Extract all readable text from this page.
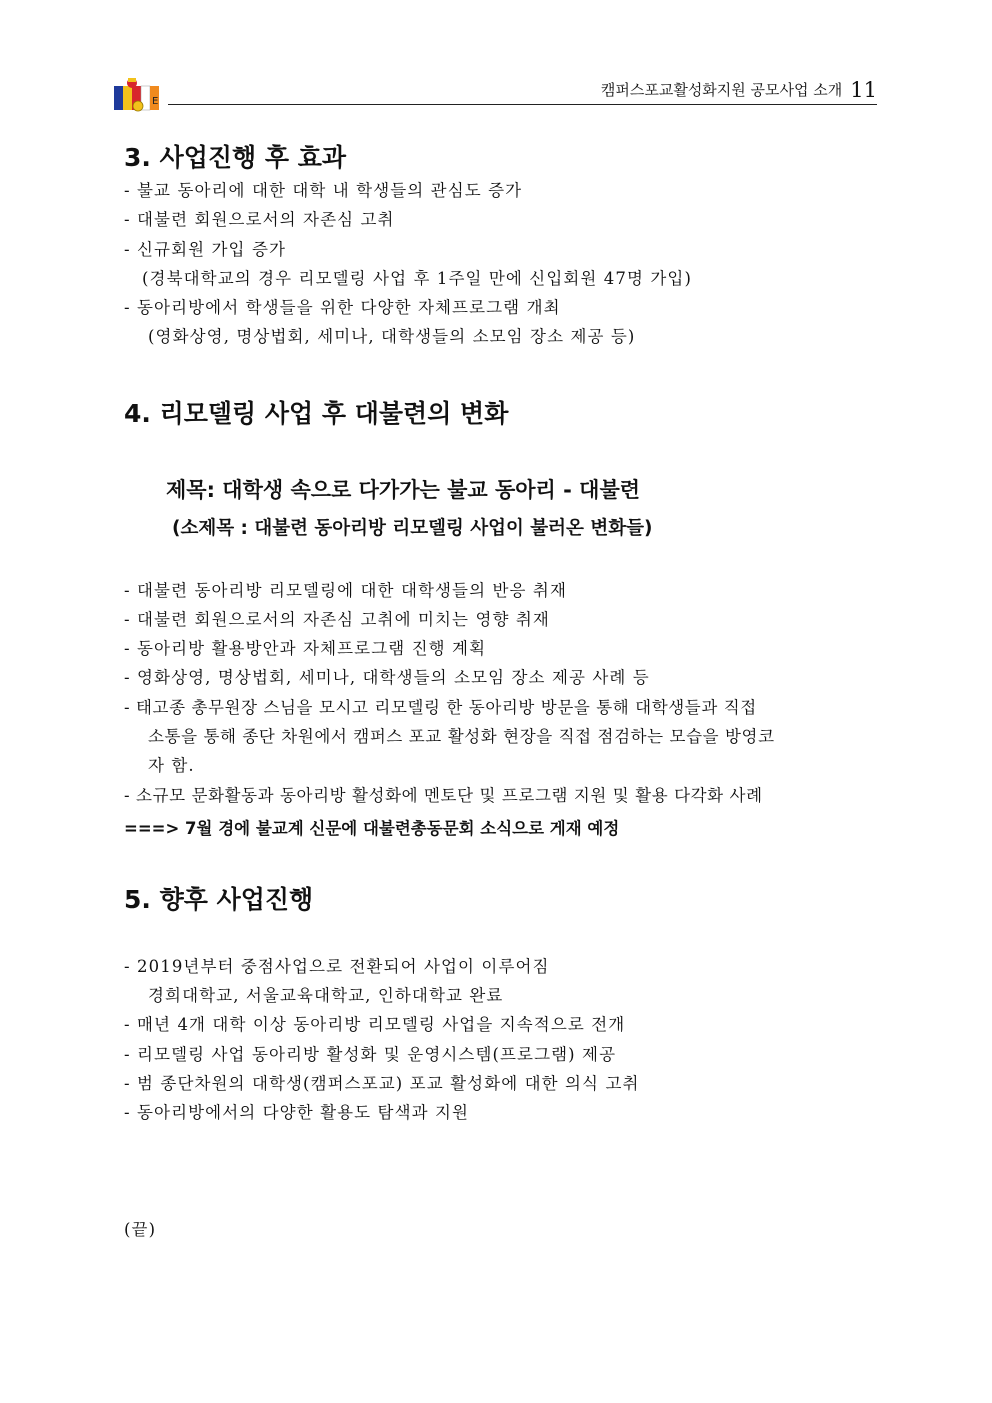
E
캠퍼스포교활성화지원 공모사업 소개 11
3. 사업진행 후 효과
- 불교 동아리에 대한 대학 내 학생들의 관심도 증가
- 대불련 회원으로서의 자존심 고취
- 신규회원 가입 증가
(경북대학교의 경우 리모델링 사업 후 1주일 만에 신입회원 47명 가입)
- 동아리방에서 학생들을 위한 다양한 자체프로그램 개최
(영화상영, 명상법회, 세미나, 대학생들의 소모임 장소 제공 등)
4. 리모델링 사업 후 대불련의 변화
제목: 대학생 속으로 다가가는 불교 동아리 - 대불련
(소제목 : 대불련 동아리방 리모델링 사업이 불러온 변화들)
- 대불련 동아리방 리모델링에 대한 대학생들의 반응 취재
- 대불련 회원으로서의 자존심 고취에 미치는 영향 취재
- 동아리방 활용방안과 자체프로그램 진행 계획
- 영화상영, 명상법회, 세미나, 대학생들의 소모임 장소 제공 사례 등
- 태고종 총무원장 스님을 모시고 리모델링 한 동아리방 방문을 통해 대학생들과 직접
소통을 통해 종단 차원에서 캠퍼스 포교 활성화 현장을 직접 점검하는 모습을 방영코
자 함.
- 소규모 문화활동과 동아리방 활성화에 멘토단 및 프로그램 지원 및 활용 다각화 사례
===> 7월 경에 불교계 신문에 대불련총동문회 소식으로 게재 예정
5. 향후 사업진행
- 2019년부터 중점사업으로 전환되어 사업이 이루어짐
경희대학교, 서울교육대학교, 인하대학교 완료
- 매년 4개 대학 이상 동아리방 리모델링 사업을 지속적으로 전개
- 리모델링 사업 동아리방 활성화 및 운영시스템(프로그램) 제공
- 범 종단차원의 대학생(캠퍼스포교) 포교 활성화에 대한 의식 고취
- 동아리방에서의 다양한 활용도 탐색과 지원
(끝)
